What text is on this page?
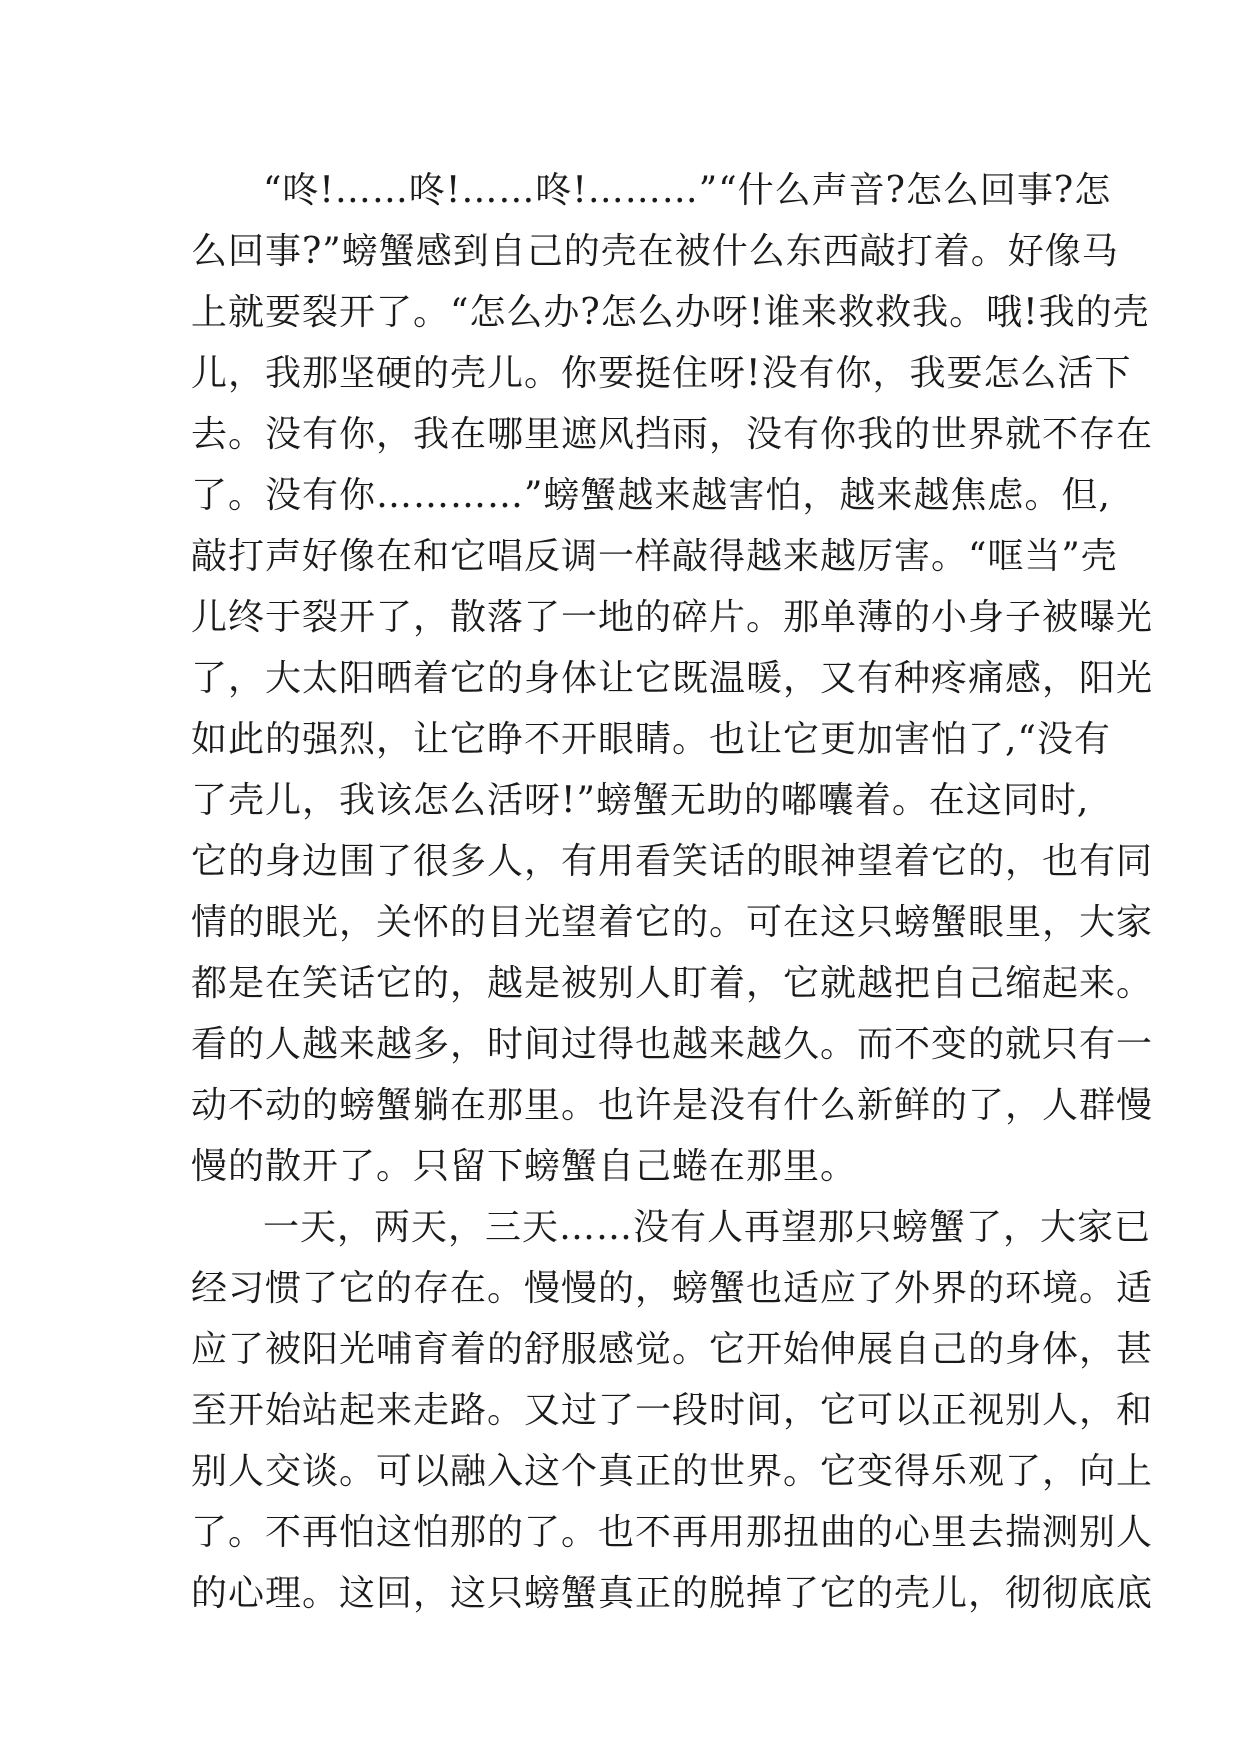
“咚!……咚!……咚!………”“什么声音?怎么回事?怎
么回事?”螃蟹感到自己的壳在被什么东西敲打着。好像马
上就要裂开了。“怎么办?怎么办呀!谁来救救我。哦!我的壳
儿，我那坚硬的壳儿。你要挺住呀!没有你，我要怎么活下
去。没有你，我在哪里遮风挡雨，没有你我的世界就不存在
了。没有你…………”螃蟹越来越害怕，越来越焦虑。但,
敲打声好像在和它唱反调一样敲得越来越厉害。“哐当”壳
儿终于裂开了，散落了一地的碎片。那单薄的小身子被曝光
了，大太阳晒着它的身体让它既温暖，又有种疼痛感，阳光
如此的强烈，让它睁不开眼睛。也让它更加害怕了,“没有
了壳儿，我该怎么活呀!”螃蟹无助的嘟囔着。在这同时,
它的身边围了很多人，有用看笑话的眼神望着它的，也有同
情的眼光，关怀的目光望着它的。可在这只螃蟹眼里，大家
都是在笑话它的，越是被别人盯着，它就越把自己缩起来。
看的人越来越多，时间过得也越来越久。而不变的就只有一
动不动的螃蟹躺在那里。也许是没有什么新鲜的了，人群慢
慢的散开了。只留下螃蟹自己蜷在那里。
一天，两天，三天……没有人再望那只螃蟹了，大家已
经习惯了它的存在。慢慢的，螃蟹也适应了外界的环境。适
应了被阳光哺育着的舒服感觉。它开始伸展自己的身体，甚
至开始站起来走路。又过了一段时间，它可以正视别人，和
别人交谈。可以融入这个真正的世界。它变得乐观了，向上
了。不再怕这怕那的了。也不再用那扭曲的心里去揣测别人
的心理。这回，这只螃蟹真正的脱掉了它的壳儿，彻彻底底
